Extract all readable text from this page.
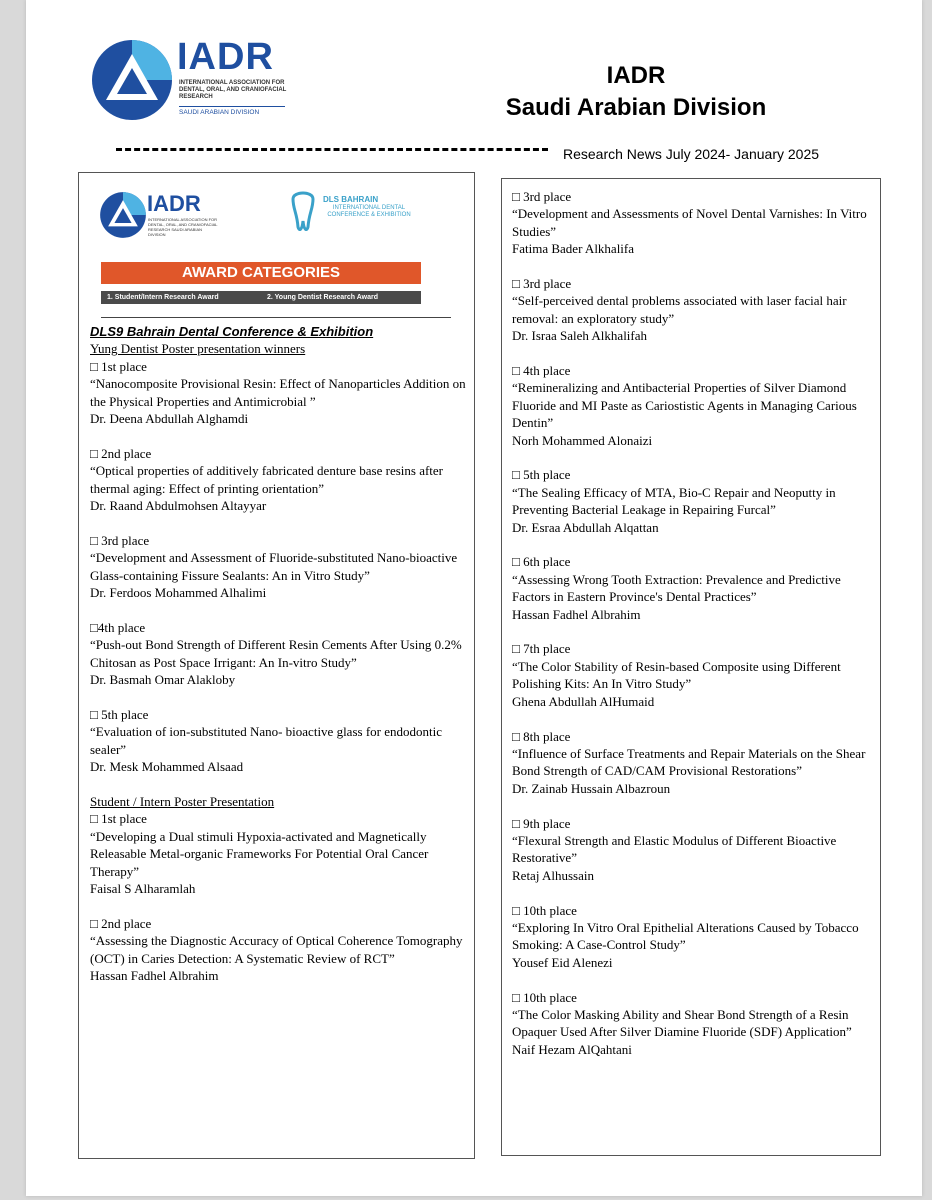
IADR
INTERNATIONAL ASSOCIATION FOR DENTAL, ORAL, AND CRANIOFACIAL RESEARCH
SAUDI ARABIAN DIVISION
IADR
Saudi Arabian Division
Research News July 2024- January 2025
IADR
INTERNATIONAL ASSOCIATION FOR DENTAL, ORAL, AND CRANIOFACIAL RESEARCH SAUDI ARABIAN DIVISION
DLS BAHRAIN
INTERNATIONAL DENTAL CONFERENCE & EXHIBITION
AWARD CATEGORIES
1. Student/Intern Research Award	2. Young Dentist Research Award
DLS9 Bahrain Dental Conference & Exhibition
Yung Dentist Poster presentation winners

□ 1st place

“Nanocomposite Provisional Resin: Effect of Nanoparticles Addition on the Physical Properties and Antimicrobial ”

Dr. Deena Abdullah Alghamdi

□ 2nd place

“Optical properties of additively fabricated denture base resins after thermal aging: Effect of printing orientation”

Dr. Raand Abdulmohsen Altayyar

□ 3rd place

“Development and Assessment of Fluoride-substituted Nano-bioactive Glass-containing Fissure Sealants: An in Vitro Study”

Dr. Ferdoos Mohammed Alhalimi

□4th place

“Push-out Bond Strength of Different Resin Cements After Using 0.2% Chitosan as Post Space Irrigant: An In-vitro Study”

Dr. Basmah Omar Alakloby

□ 5th place

“Evaluation of ion-substituted Nano- bioactive glass for endodontic sealer”

Dr. Mesk Mohammed Alsaad

Student / Intern Poster Presentation

□ 1st place

“Developing a Dual stimuli Hypoxia-activated and Magnetically Releasable Metal-organic Frameworks For Potential Oral Cancer Therapy”

Faisal S Alharamlah

□ 2nd place

“Assessing the Diagnostic Accuracy of Optical Coherence Tomography (OCT) in Caries Detection: A Systematic Review of RCT”

Hassan Fadhel Albrahim

□ 3rd place

“Development and Assessments of Novel Dental Varnishes: In Vitro Studies”

Fatima Bader Alkhalifa

□ 3rd place

“Self-perceived dental problems associated with laser facial hair removal: an exploratory study”

Dr. Israa Saleh Alkhalifah

□ 4th place

“Remineralizing and Antibacterial Properties of Silver Diamond Fluoride and MI Paste as Cariostistic Agents in Managing Carious Dentin”

Norh Mohammed Alonaizi

□ 5th place

“The Sealing Efficacy of MTA, Bio-C Repair and Neoputty in Preventing Bacterial Leakage in Repairing Furcal”

Dr. Esraa Abdullah Alqattan

□ 6th place

“Assessing Wrong Tooth Extraction: Prevalence and Predictive Factors in Eastern Province's Dental Practices”

Hassan Fadhel Albrahim

□ 7th place

“The Color Stability of Resin-based Composite using Different Polishing Kits: An In Vitro Study”

Ghena Abdullah AlHumaid

□ 8th place

“Influence of Surface Treatments and Repair Materials on the Shear Bond Strength of CAD/CAM Provisional Restorations”

Dr. Zainab Hussain Albazroun

□ 9th place

“Flexural Strength and Elastic Modulus of Different Bioactive Restorative”

Retaj Alhussain

□ 10th place

“Exploring In Vitro Oral Epithelial Alterations Caused by Tobacco Smoking: A Case-Control Study”

Yousef Eid Alenezi

□ 10th place

“The Color Masking Ability and Shear Bond Strength of a Resin Opaquer Used After Silver Diamine Fluoride (SDF) Application”

Naif Hezam AlQahtani
